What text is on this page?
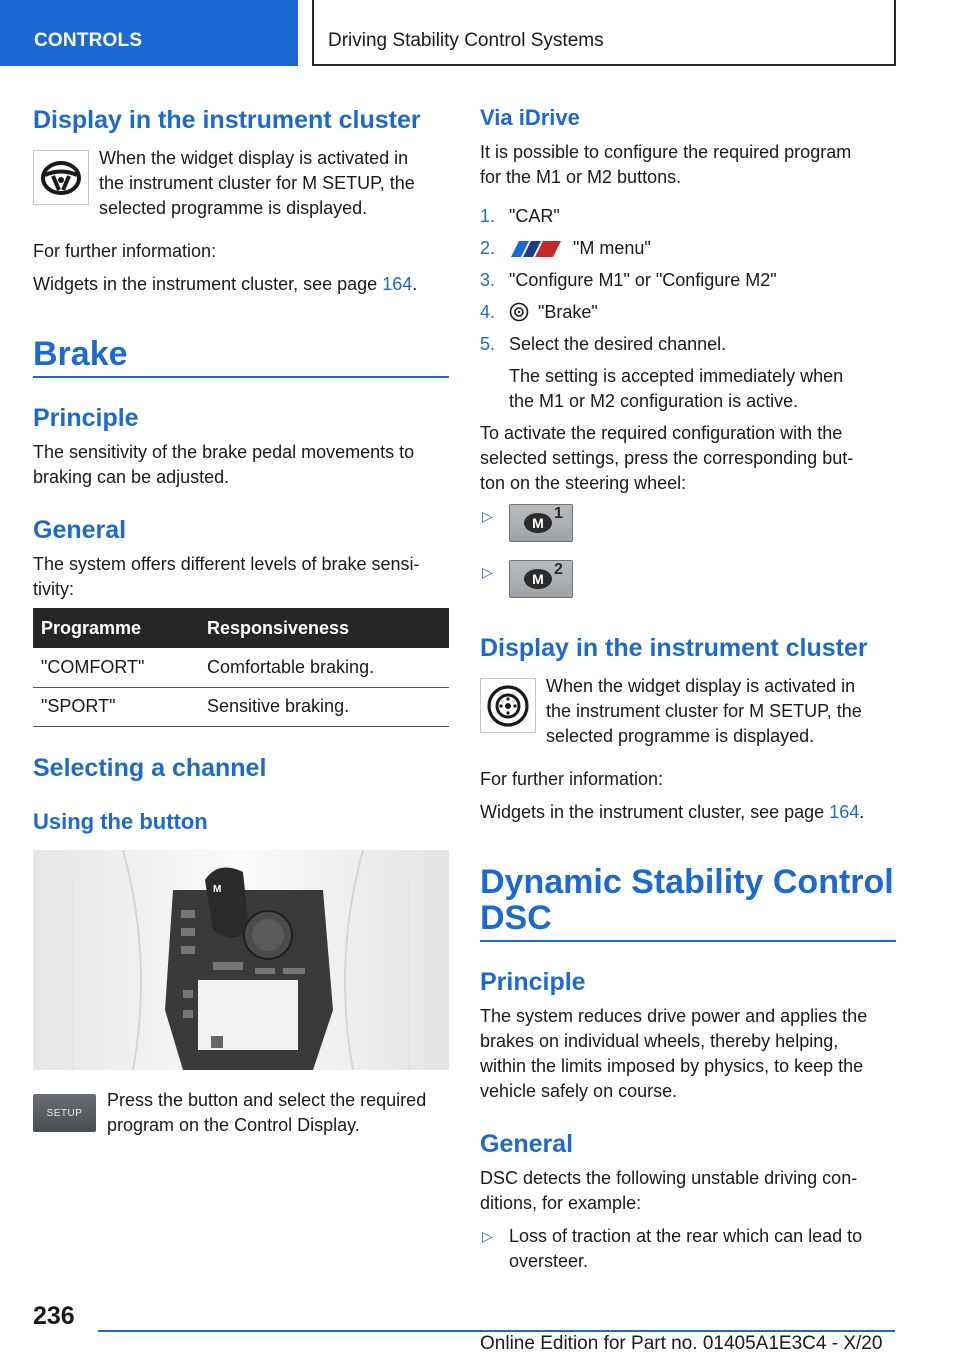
CONTROLS	Driving Stability Control Systems
Display in the instrument cluster
When the widget display is activated in
the instrument cluster for M SETUP, the
selected programme is displayed.
For further information:
Widgets in the instrument cluster, see page 164.
Brake
Principle
The sensitivity of the brake pedal movements to
braking can be adjusted.
General
The system offers different levels of brake sensi-
tivity:
Programme	Responsiveness
"COMFORT"	Comfortable braking.
"SPORT"	Sensitive braking.
Selecting a channel
Using the button
M
SETUP
Press the button and select the required
program on the Control Display.
Via iDrive
It is possible to configure the required program
for the M1 or M2 buttons.
1. "CAR"
2.	"M menu"
3. "Configure M1" or "Configure M2"
4. "Brake"
5. Select the desired channel.
The setting is accepted immediately when
the M1 or M2 configuration is active.
To activate the required configuration with the
selected settings, press the corresponding but-
ton on the steering wheel:
▷	M
1
▷	M
2
Display in the instrument cluster
When the widget display is activated in
the instrument cluster for M SETUP, the
selected programme is displayed.
For further information:
Widgets in the instrument cluster, see page 164.
Dynamic Stability Control
DSC
Principle
The system reduces drive power and applies the
brakes on individual wheels, thereby helping,
within the limits imposed by physics, to keep the
vehicle safely on course.
General
DSC detects the following unstable driving con-
ditions, for example:
▷ Loss of traction at the rear which can lead to
oversteer.
236
Online Edition for Part no. 01405A1E3C4 - X/20
